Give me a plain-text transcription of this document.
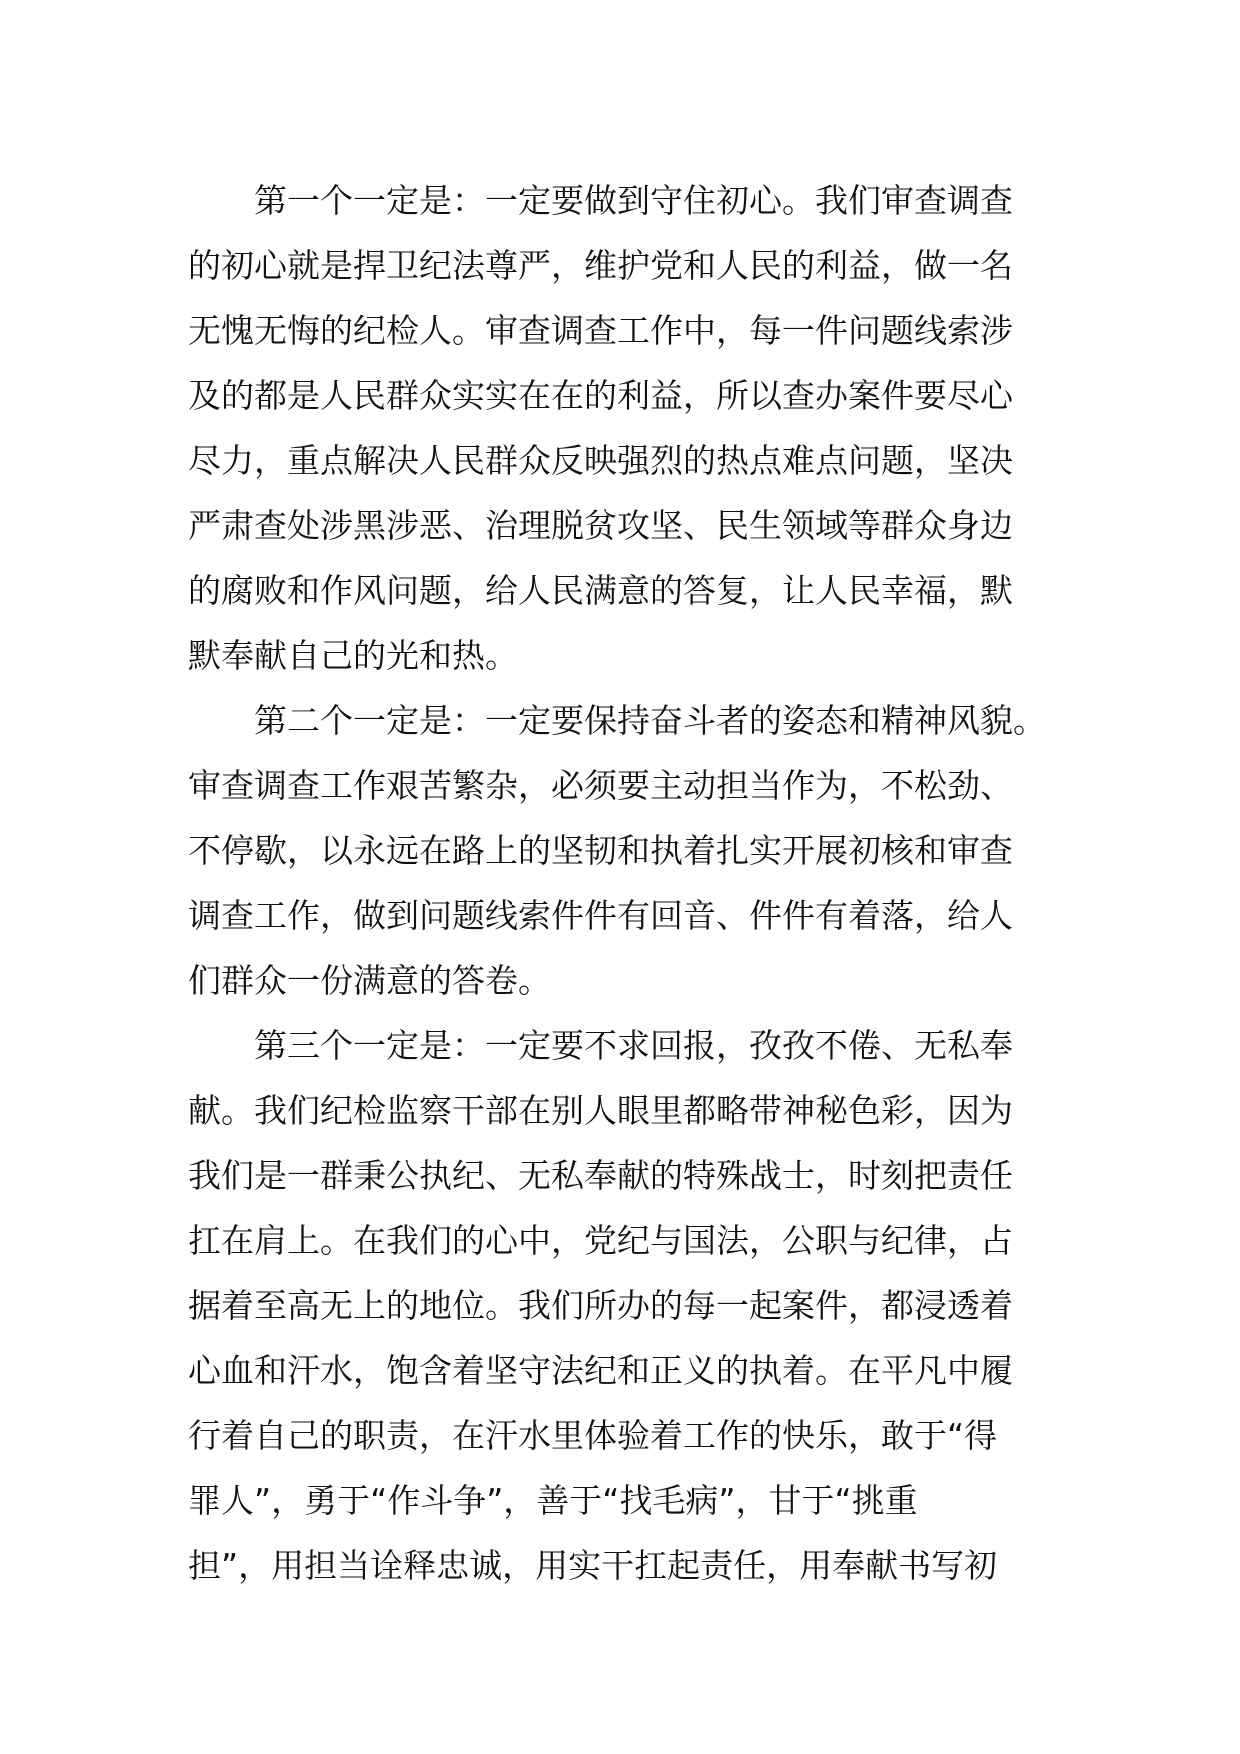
第一个一定是：一定要做到守住初心。我们审查调查
的初心就是捍卫纪法尊严，维护党和人民的利益，做一名
无愧无悔的纪检人。审查调查工作中，每一件问题线索涉
及的都是人民群众实实在在的利益，所以查办案件要尽心
尽力，重点解决人民群众反映强烈的热点难点问题，坚决
严肃查处涉黑涉恶、治理脱贫攻坚、民生领域等群众身边
的腐败和作风问题，给人民满意的答复，让人民幸福，默
默奉献自己的光和热。
第二个一定是：一定要保持奋斗者的姿态和精神风貌。
审查调查工作艰苦繁杂，必须要主动担当作为，不松劲、
不停歇，以永远在路上的坚韧和执着扎实开展初核和审查
调查工作，做到问题线索件件有回音、件件有着落，给人
们群众一份满意的答卷。
第三个一定是：一定要不求回报，孜孜不倦、无私奉
献。我们纪检监察干部在别人眼里都略带神秘色彩，因为
我们是一群秉公执纪、无私奉献的特殊战士，时刻把责任
扛在肩上。在我们的心中，党纪与国法，公职与纪律，占
据着至高无上的地位。我们所办的每一起案件，都浸透着
心血和汗水，饱含着坚守法纪和正义的执着。在平凡中履
行着自己的职责，在汗水里体验着工作的快乐，敢于“得
罪人”，勇于“作斗争”，善于“找毛病”，甘于“挑重
担”，用担当诠释忠诚，用实干扛起责任，用奉献书写初
